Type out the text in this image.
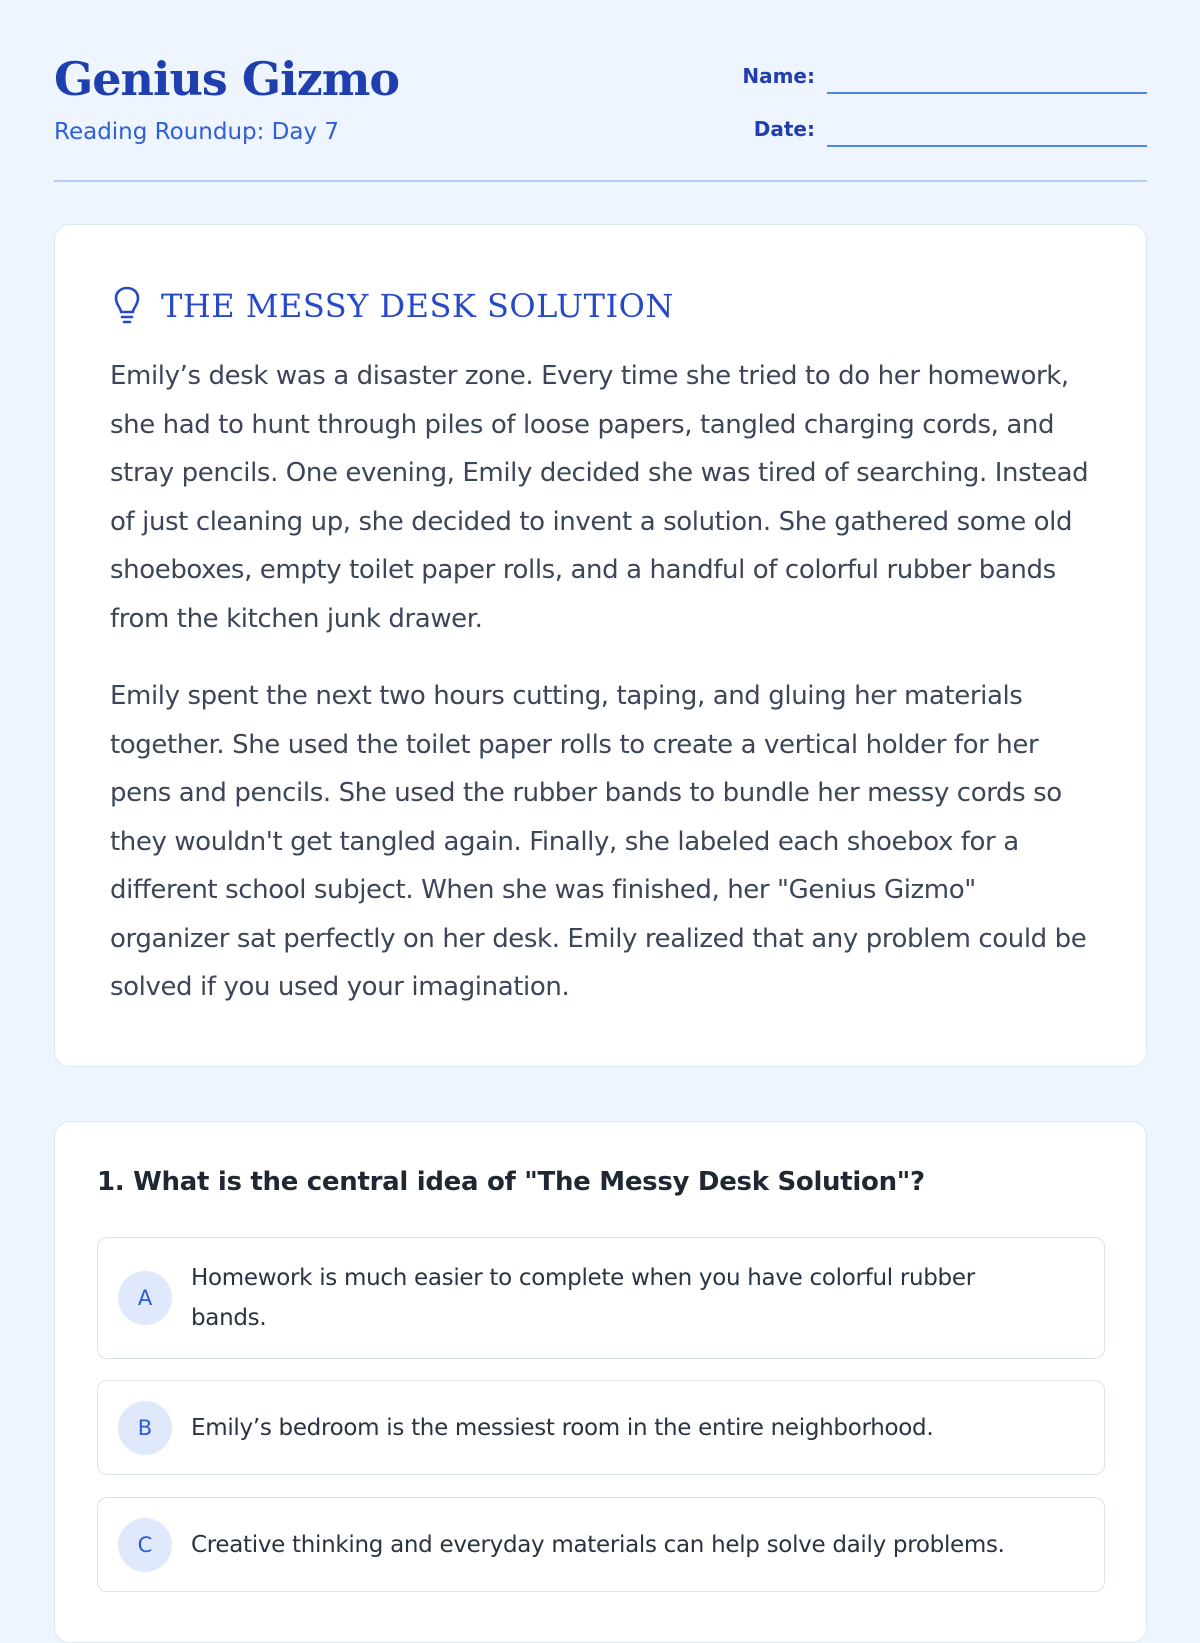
Genius Gizmo
Reading Roundup: Day 7
Name:
Date:
THE MESSY DESK SOLUTION

Emily’s desk was a disaster zone. Every time she tried to do her homework, she had to hunt through piles of loose papers, tangled charging cords, and stray pencils. One evening, Emily decided she was tired of searching. Instead of just cleaning up, she decided to invent a solution. She gathered some old shoeboxes, empty toilet paper rolls, and a handful of colorful rubber bands from the kitchen junk drawer.

Emily spent the next two hours cutting, taping, and gluing her materials together. She used the toilet paper rolls to create a vertical holder for her pens and pencils. She used the rubber bands to bundle her messy cords so they wouldn't get tangled again. Finally, she labeled each shoebox for a different school subject. When she was finished, her "Genius Gizmo" organizer sat perfectly on her desk. Emily realized that any problem could be solved if you used your imagination.

1. What is the central idea of "The Messy Desk Solution"?

A
Homework is much easier to complete when you have colorful rubber bands.
B	Emily’s bedroom is the messiest room in the entire neighborhood.
C	Creative thinking and everyday materials can help solve daily problems.
